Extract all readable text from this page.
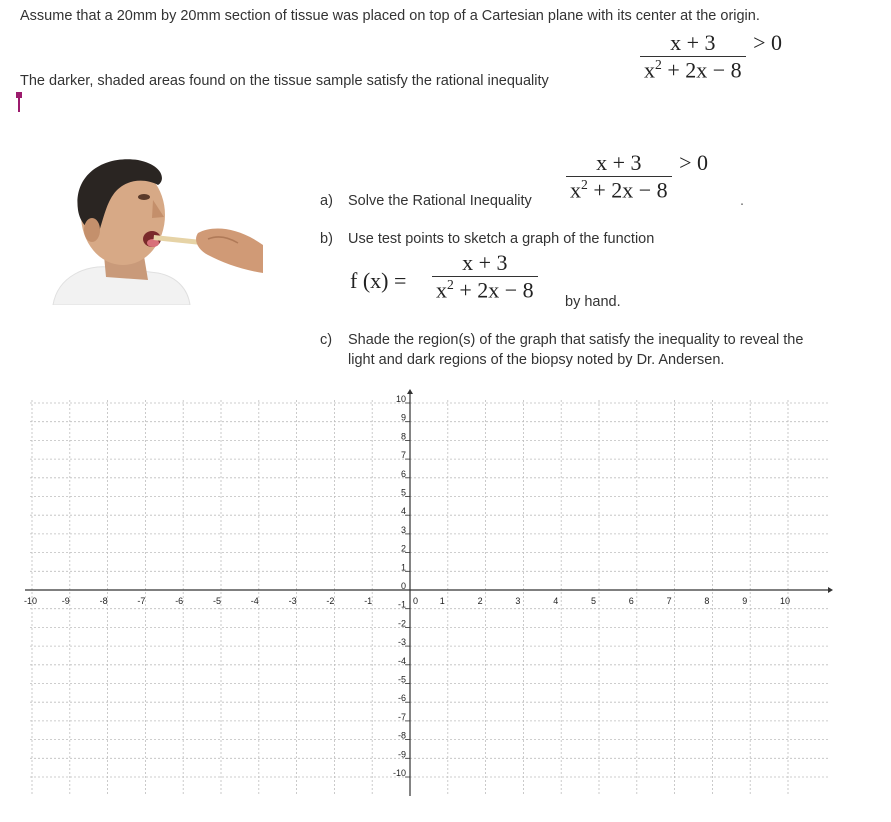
Assume that a 20mm by 20mm section of tissue was placed on top of a Cartesian plane with its center at the origin.
$\frac{x + 3}{x^2 + 2x - 8} > 0$
The darker, shaded areas found on the tissue sample satisfy the rational inequality
a) Solve the Rational Inequality $\frac{x + 3}{x^2 + 2x - 8} > 0$
.
b) Use test points to sketch a graph of the function
f $(x) = \frac{x + 3}{x^2 + 2x - 8}$ by hand.
c) Shade the region(s) of the graph that satisfy the inequality to reveal the
light and dark regions of the biopsy noted by Dr. Andersen.
-10	-9	-8	-7	-6	-5	-4	-3	-2	-1	0 1	2	3	4	5	6	7	8	9	10
10
9
8
7
6
5
4
3
2
1
0
-1
-2
-3
-4
-5
-6
-7
-8
-9
-10
